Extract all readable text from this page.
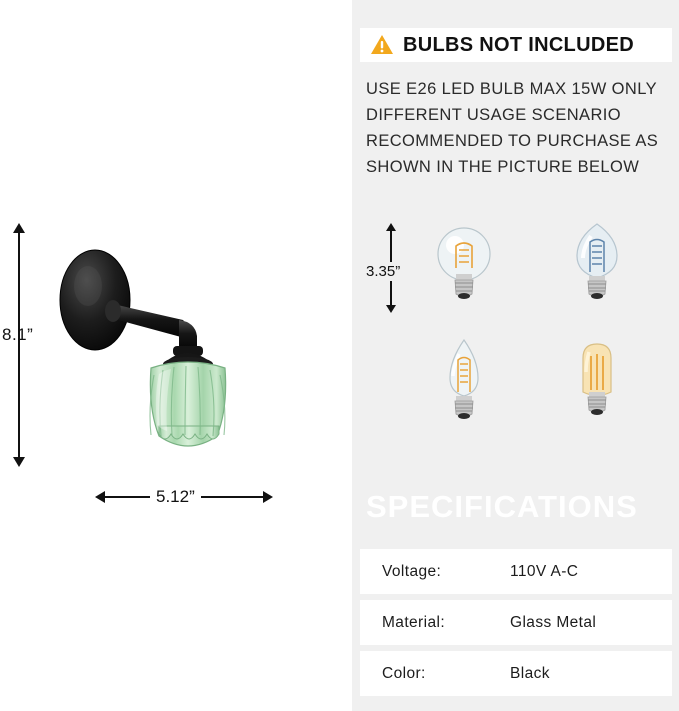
8.1”
5.12”
BULBS NOT INCLUDED
USE E26 LED BULB MAX 15W ONLY DIFFERENT USAGE SCENARIO RECOMMENDED TO PURCHASE AS SHOWN IN THE PICTURE BELOW
3.35”
SPECIFICATIONS
Voltage:	110V A-C
Material:	Glass Metal
Color:	Black
